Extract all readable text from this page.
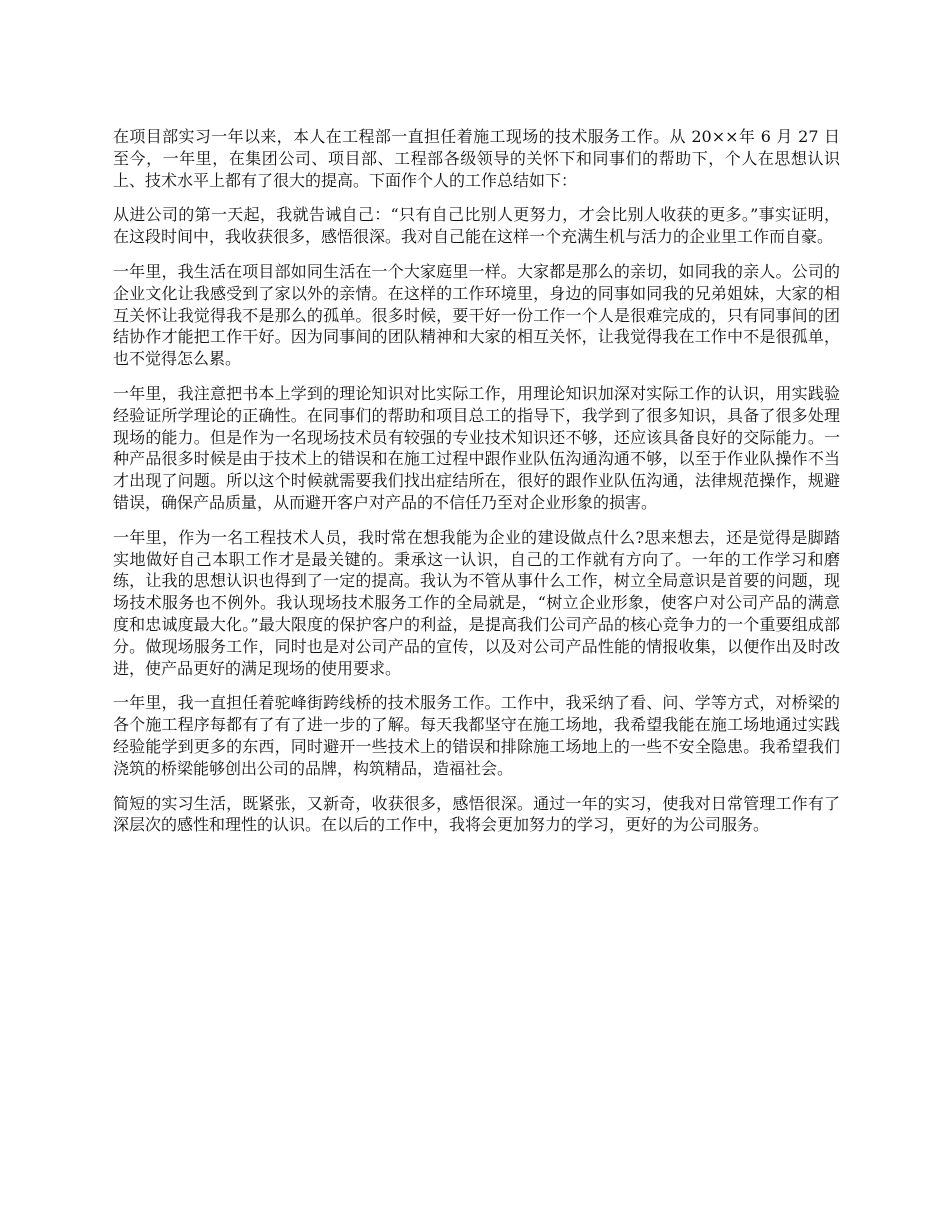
在项目部实习一年以来，本人在工程部一直担任着施工现场的技术服务工作。从 20××年 6 月 27 日至今，一年里，在集团公司、项目部、工程部各级领导的关怀下和同事们的帮助下，个人在思想认识上、技术水平上都有了很大的提高。下面作个人的工作总结如下：

从进公司的第一天起，我就告诫自己：“只有自己比别人更努力，才会比别人收获的更多。”事实证明，在这段时间中，我收获很多，感悟很深。我对自己能在这样一个充满生机与活力的企业里工作而自豪。

一年里，我生活在项目部如同生活在一个大家庭里一样。大家都是那么的亲切，如同我的亲人。公司的企业文化让我感受到了家以外的亲情。在这样的工作环境里，身边的同事如同我的兄弟姐妹，大家的相互关怀让我觉得我不是那么的孤单。很多时候，要干好一份工作一个人是很难完成的，只有同事间的团结协作才能把工作干好。因为同事间的团队精神和大家的相互关怀，让我觉得我在工作中不是很孤单，也不觉得怎么累。

一年里，我注意把书本上学到的理论知识对比实际工作，用理论知识加深对实际工作的认识，用实践验经验证所学理论的正确性。在同事们的帮助和项目总工的指导下，我学到了很多知识，具备了很多处理现场的能力。但是作为一名现场技术员有较强的专业技术知识还不够，还应该具备良好的交际能力。一种产品很多时候是由于技术上的错误和在施工过程中跟作业队伍沟通沟通不够，以至于作业队操作不当才出现了问题。所以这个时候就需要我们找出症结所在，很好的跟作业队伍沟通，法律规范操作，规避错误，确保产品质量，从而避开客户对产品的不信任乃至对企业形象的损害。

一年里，作为一名工程技术人员，我时常在想我能为企业的建设做点什么?思来想去，还是觉得是脚踏实地做好自己本职工作才是最关键的。秉承这一认识，自己的工作就有方向了。一年的工作学习和磨练，让我的思想认识也得到了一定的提高。我认为不管从事什么工作，树立全局意识是首要的问题，现场技术服务也不例外。我认现场技术服务工作的全局就是，“树立企业形象，使客户对公司产品的满意度和忠诚度最大化。”最大限度的保护客户的利益，是提高我们公司产品的核心竞争力的一个重要组成部分。做现场服务工作，同时也是对公司产品的宣传，以及对公司产品性能的情报收集，以便作出及时改进，使产品更好的满足现场的使用要求。

一年里，我一直担任着驼峰街跨线桥的技术服务工作。工作中，我采纳了看、问、学等方式，对桥梁的各个施工程序每都有了有了进一步的了解。每天我都坚守在施工场地，我希望我能在施工场地通过实践经验能学到更多的东西，同时避开一些技术上的错误和排除施工场地上的一些不安全隐患。我希望我们浇筑的桥梁能够创出公司的品牌，构筑精品，造福社会。

简短的实习生活，既紧张，又新奇，收获很多，感悟很深。通过一年的实习，使我对日常管理工作有了深层次的感性和理性的认识。在以后的工作中，我将会更加努力的学习，更好的为公司服务。
